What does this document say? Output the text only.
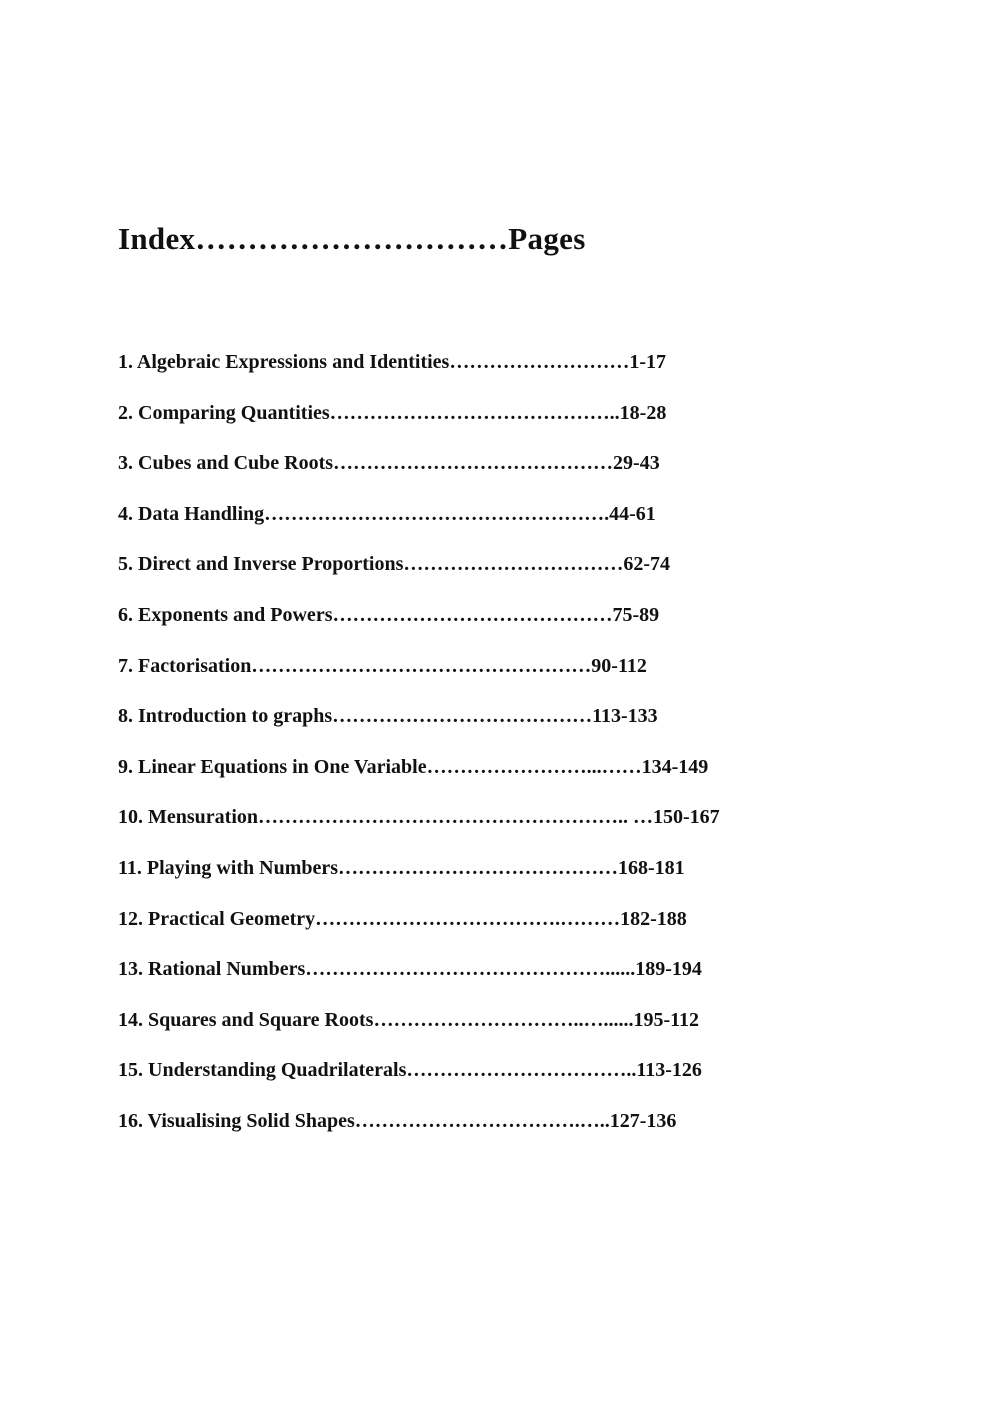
Index…………………………Pages
1. Algebraic Expressions and Identities………………………1-17
2. Comparing Quantities……………………………………..18-28
3. Cubes and Cube Roots……………………………………29-43
4. Data Handling…………………………………………….44-61
5. Direct and Inverse Proportions……………………………62-74
6. Exponents and Powers……………………………………75-89
7. Factorisation……………………………………………90-112
8. Introduction to graphs…………………………………113-133
9. Linear Equations in One Variable……………………...……134-149
10. Mensuration……………………………………………….. …150-167
11. Playing with Numbers……………………………………168-181
12. Practical Geometry……………………………….………182-188
13. Rational Numbers………………………………………......189-194
14. Squares and Square Roots…………………………..…......195-112
15. Understanding Quadrilaterals……………………………..113-126
16. Visualising Solid Shapes…………………………….…..127-136
